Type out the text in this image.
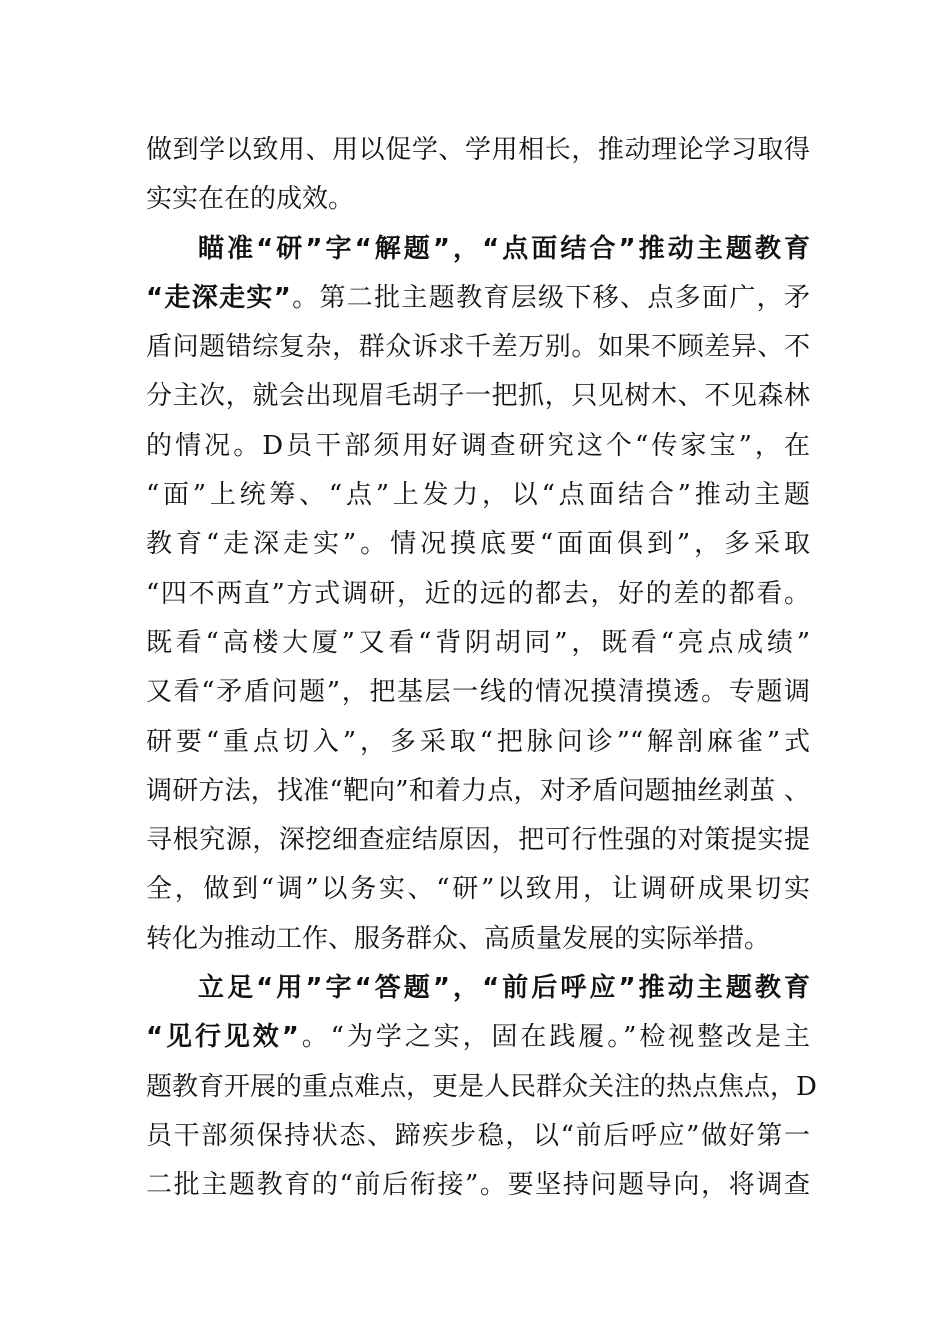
做到学以致用、用以促学、学用相长，推动理论学习取得
实实在在的成效。
瞄准“研”字“解题”，“点面结合”推动主题教育
“走深走实”。第二批主题教育层级下移、点多面广，矛
盾问题错综复杂，群众诉求千差万别。如果不顾差异、不
分主次，就会出现眉毛胡子一把抓，只见树木、不见森林
的情况。D员干部须用好调查研究这个“传家宝”，在
“面”上统筹、“点”上发力，以“点面结合”推动主题
教育“走深走实”。情况摸底要“面面俱到”，多采取
“四不两直”方式调研，近的远的都去，好的差的都看。
既看“高楼大厦”又看“背阴胡同”，既看“亮点成绩”
又看“矛盾问题”，把基层一线的情况摸清摸透。专题调
研要“重点切入”，多采取“把脉问诊”“解剖麻雀”式
调研方法，找准“靶向”和着力点，对矛盾问题抽丝剥茧 、
寻根究源，深挖细查症结原因，把可行性强的对策提实提
全，做到“调”以务实、“研”以致用，让调研成果切实
转化为推动工作、服务群众、高质量发展的实际举措。
立足“用”字“答题”，“前后呼应”推动主题教育
“见行见效”。“为学之实，固在践履。”检视整改是主
题教育开展的重点难点，更是人民群众关注的热点焦点，D
员干部须保持状态、蹄疾步稳，以“前后呼应”做好第一
二批主题教育的“前后衔接”。要坚持问题导向，将调查
